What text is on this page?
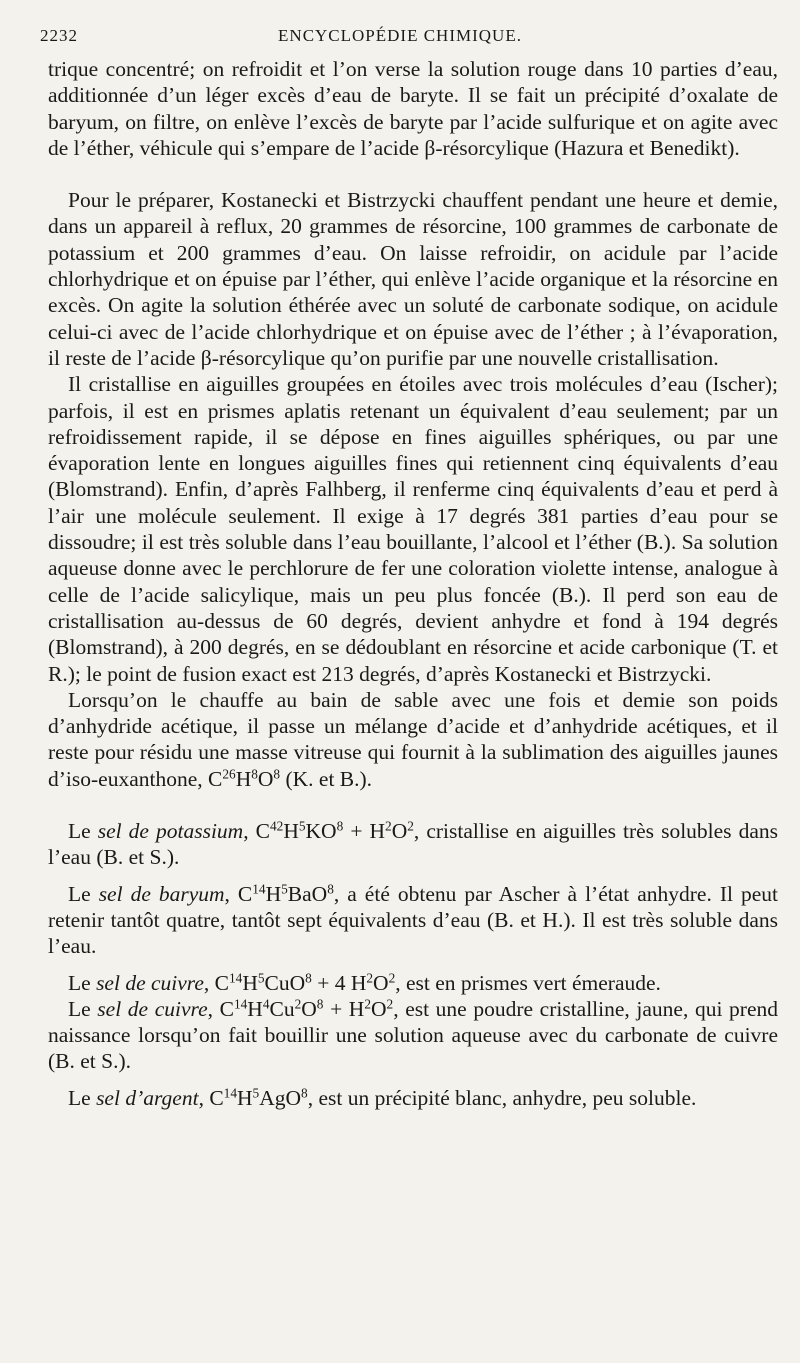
2232	ENCYCLOPÉDIE CHIMIQUE.

trique concentré; on refroidit et l’on verse la solution rouge dans 10 parties d’eau, additionnée d’un léger excès d’eau de baryte. Il se fait un précipité d’oxalate de baryum, on filtre, on enlève l’excès de baryte par l’acide sulfurique et on agite avec de l’éther, véhicule qui s’empare de l’acide β-résorcylique (Hazura et Benedikt).

Pour le préparer, Kostanecki et Bistrzycki chauffent pendant une heure et demie, dans un appareil à reflux, 20 grammes de résorcine, 100 grammes de carbonate de potassium et 200 grammes d’eau. On laisse refroidir, on acidule par l’acide chlorhydrique et on épuise par l’éther, qui enlève l’acide organique et la résorcine en excès. On agite la solution éthérée avec un soluté de carbonate sodique, on acidule celui-ci avec de l’acide chlorhydrique et on épuise avec de l’éther ; à l’évaporation, il reste de l’acide β-résorcylique qu’on purifie par une nouvelle cristallisation.

Il cristallise en aiguilles groupées en étoiles avec trois molécules d’eau (Ischer); parfois, il est en prismes aplatis retenant un équivalent d’eau seulement; par un refroidissement rapide, il se dépose en fines aiguilles sphériques, ou par une évaporation lente en longues aiguilles fines qui retiennent cinq équivalents d’eau (Blomstrand). Enfin, d’après Falhberg, il renferme cinq équivalents d’eau et perd à l’air une molécule seulement. Il exige à 17 degrés 381 parties d’eau pour se dissoudre; il est très soluble dans l’eau bouillante, l’alcool et l’éther (B.). Sa solution aqueuse donne avec le perchlorure de fer une coloration violette intense, analogue à celle de l’acide salicylique, mais un peu plus foncée (B.). Il perd son eau de cristallisation au-dessus de 60 degrés, devient anhydre et fond à 194 degrés (Blomstrand), à 200 degrés, en se dédoublant en résorcine et acide carbonique (T. et R.); le point de fusion exact est 213 degrés, d’après Kostanecki et Bistrzycki.

Lorsqu’on le chauffe au bain de sable avec une fois et demie son poids d’anhydride acétique, il passe un mélange d’acide et d’anhydride acétiques, et il reste pour résidu une masse vitreuse qui fournit à la sublimation des aiguilles jaunes d’iso-euxanthone, $C^{26}H^8O^8$ (K. et B.).

Le sel de potassium, $C^{42}H^5KO^8 + H^2O^2$, cristallise en aiguilles très solubles dans l’eau (B. et S.).

Le sel de baryum, $C^{14}H^5BaO^8$, a été obtenu par Ascher à l’état anhydre. Il peut retenir tantôt quatre, tantôt sept équivalents d’eau (B. et H.). Il est très soluble dans l’eau.

Le sel de cuivre, $C^{14}H^5CuO^8 + 4$ $H^2O^2$, est en prismes vert émeraude.

Le sel de cuivre, $C^{14}H^4Cu^2O^8 + H^2O^2$, est une poudre cristalline, jaune, qui prend naissance lorsqu’on fait bouillir une solution aqueuse avec du carbonate de cuivre (B. et S.).

Le sel d’argent, $C^{14}H^5AgO^8$, est un précipité blanc, anhydre, peu soluble.
